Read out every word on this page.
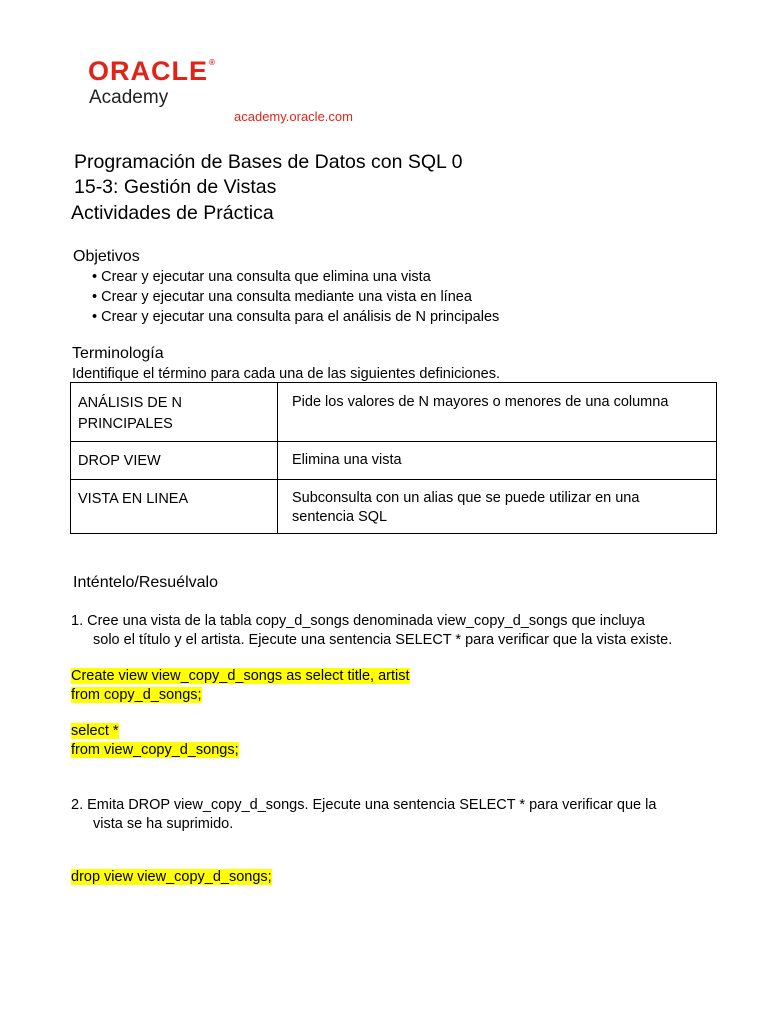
ORACLE®
Academy
academy.oracle.com
Programación de Bases de Datos con SQL 0
15-3: Gestión de Vistas
Actividades de Práctica
Objetivos
• Crear y ejecutar una consulta que elimina una vista
• Crear y ejecutar una consulta mediante una vista en línea
• Crear y ejecutar una consulta para el análisis de N principales
Terminología
Identifique el término para cada una de las siguientes definiciones.
ANÁLISIS DE N PRINCIPALES	Pide los valores de N mayores o menores de una columna
DROP VIEW	Elimina una vista
VISTA EN LINEA	Subconsulta con un alias que se puede utilizar en una sentencia SQL
Inténtelo/Resuélvalo
1. Cree una vista de la tabla copy_d_songs denominada view_copy_d_songs que incluya
solo el título y el artista. Ejecute una sentencia SELECT * para verificar que la vista existe.
Create view view_copy_d_songs as select title, artist
from copy_d_songs;
select *
from view_copy_d_songs;
2. Emita DROP view_copy_d_songs. Ejecute una sentencia SELECT * para verificar que la
vista se ha suprimido.
drop view view_copy_d_songs;
